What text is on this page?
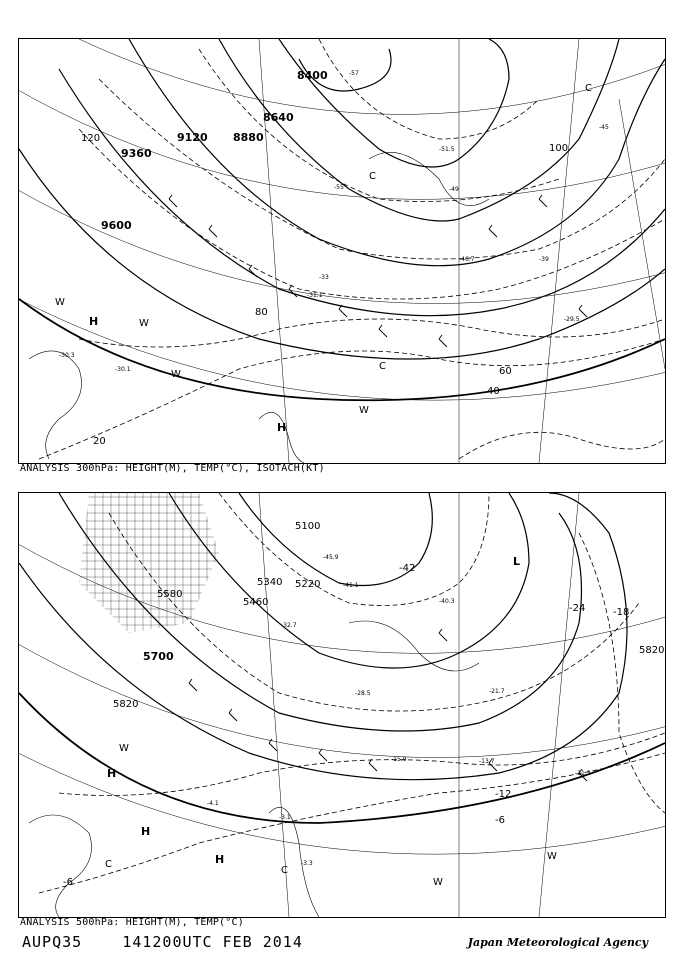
8400
8640
8880
9120
9360
9600
20
40
60
80
100
120
-57
-55
-51.5
-49
-46.7
-45
-39
-33
-30.3
-29.5
-30.1
-31.1
H
H
W
W
W
W
C
C
C
ANALYSIS 300hPa: HEIGHT(M), TEMP(°C), ISOTACH(KT)
5100
5220
5340
5460
5580
5700
5820
5820
-42
-24	-18
-12
-6
-6
-45.9
-41.1
-40.3
-32.7
-28.5	-21.7
-15.9	-13.7
-11.3
-4.1
-3.3
-3.1
L
H
H
H
W
W
W
C
C
ANALYSIS 500hPa: HEIGHT(M), TEMP(°C)
AUPQ35	141200UTC FEB 2014	Japan Meteorological Agency
